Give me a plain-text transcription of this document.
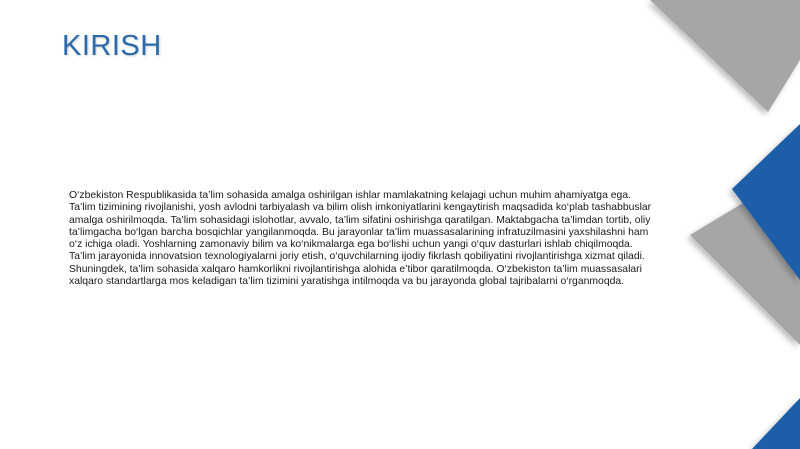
KIRISH
O‘zbekiston Respublikasida ta’lim sohasida amalga oshirilgan ishlar mamlakatning kelajagi uchun muhim ahamiyatga ega.
Ta’lim tizimining rivojlanishi, yosh avlodni tarbiyalash va bilim olish imkoniyatlarini kengaytirish maqsadida ko‘plab tashabbuslar
amalga oshirilmoqda. Ta’lim sohasidagi islohotlar, avvalo, ta’lim sifatini oshirishga qaratilgan. Maktabgacha ta’limdan tortib, oliy
ta’limgacha bo‘lgan barcha bosqichlar yangilanmoqda. Bu jarayonlar ta’lim muassasalarining infratuzilmasini yaxshilashni ham
o‘z ichiga oladi. Yoshlarning zamonaviy bilim va ko‘nikmalarga ega bo‘lishi uchun yangi o‘quv dasturlari ishlab chiqilmoqda.
Ta’lim jarayonida innovatsion texnologiyalarni joriy etish, o‘quvchilarning ijodiy fikrlash qobiliyatini rivojlantirishga xizmat qiladi.
Shuningdek, ta’lim sohasida xalqaro hamkorlikni rivojlantirishga alohida e’tibor qaratilmoqda. O‘zbekiston ta’lim muassasalari
xalqaro standartlarga mos keladigan ta’lim tizimini yaratishga intilmoqda va bu jarayonda global tajribalarni o‘rganmoqda.
